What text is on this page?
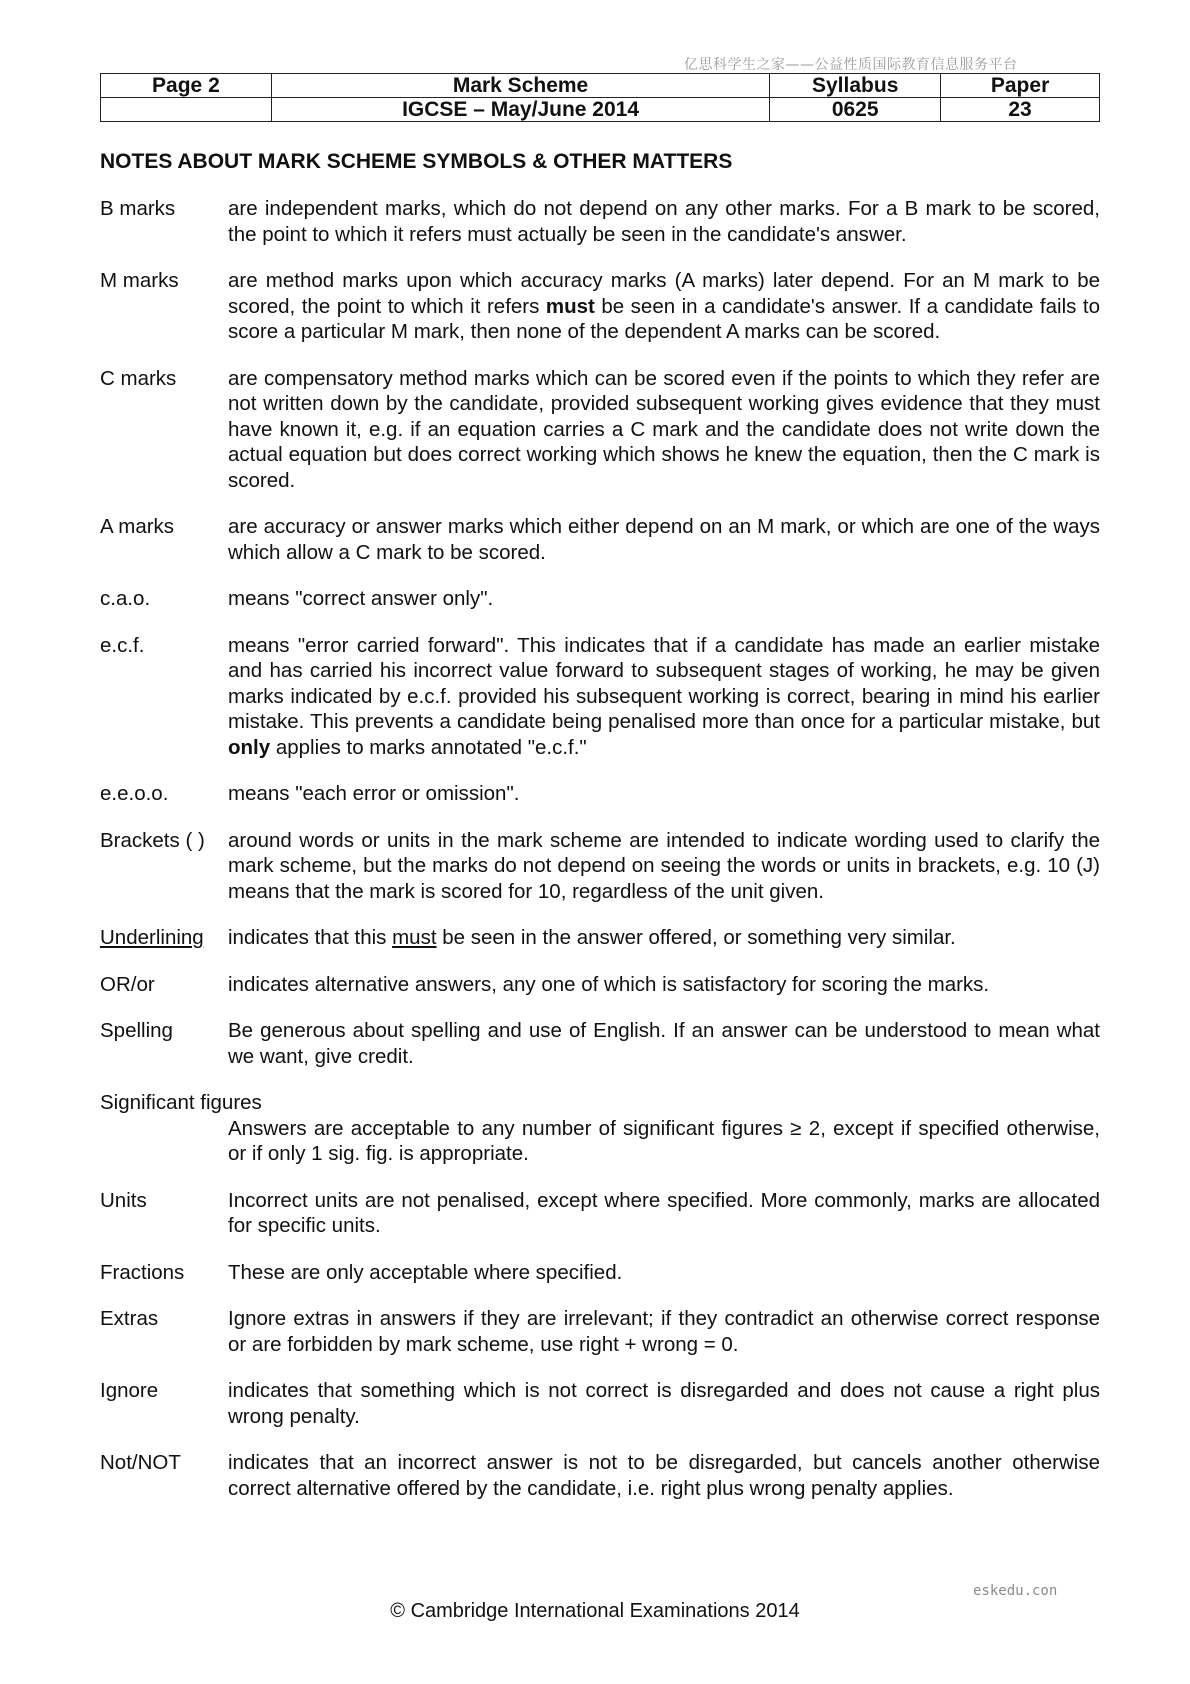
亿思科学生之家——公益性质国际教育信息服务平台
Page 2	Mark Scheme	Syllabus	Paper
	IGCSE – May/June 2014	0625	23
NOTES ABOUT MARK SCHEME SYMBOLS & OTHER MATTERS
B marks	are independent marks, which do not depend on any other marks. For a B mark to be scored, the point to which it refers must actually be seen in the candidate's answer.
M marks	are method marks upon which accuracy marks (A marks) later depend. For an M mark to be scored, the point to which it refers must be seen in a candidate's answer. If a candidate fails to score a particular M mark, then none of the dependent A marks can be scored.
C marks	are compensatory method marks which can be scored even if the points to which they refer are not written down by the candidate, provided subsequent working gives evidence that they must have known it, e.g. if an equation carries a C mark and the candidate does not write down the actual equation but does correct working which shows he knew the equation, then the C mark is scored.
A marks	are accuracy or answer marks which either depend on an M mark, or which are one of the ways which allow a C mark to be scored.
c.a.o.	means "correct answer only".
e.c.f.	means "error carried forward". This indicates that if a candidate has made an earlier mistake and has carried his incorrect value forward to subsequent stages of working, he may be given marks indicated by e.c.f. provided his subsequent working is correct, bearing in mind his earlier mistake. This prevents a candidate being penalised more than once for a particular mistake, but only applies to marks annotated "e.c.f."
e.e.o.o.	means "each error or omission".
Brackets ( )	around words or units in the mark scheme are intended to indicate wording used to clarify the mark scheme, but the marks do not depend on seeing the words or units in brackets, e.g. 10 (J) means that the mark is scored for 10, regardless of the unit given.
Underlining	indicates that this must be seen in the answer offered, or something very similar.
OR/or	indicates alternative answers, any one of which is satisfactory for scoring the marks.
Spelling	Be generous about spelling and use of English. If an answer can be understood to mean what we want, give credit.
Significant figures
Answers are acceptable to any number of significant figures ≥ 2, except if specified otherwise, or if only 1 sig. fig. is appropriate.
Units	Incorrect units are not penalised, except where specified. More commonly, marks are allocated for specific units.
Fractions	These are only acceptable where specified.
Extras	Ignore extras in answers if they are irrelevant; if they contradict an otherwise correct response or are forbidden by mark scheme, use right + wrong = 0.
Ignore	indicates that something which is not correct is disregarded and does not cause a right plus wrong penalty.
Not/NOT	indicates that an incorrect answer is not to be disregarded, but cancels another otherwise correct alternative offered by the candidate, i.e. right plus wrong penalty applies.
eskedu.con
© Cambridge International Examinations 2014
